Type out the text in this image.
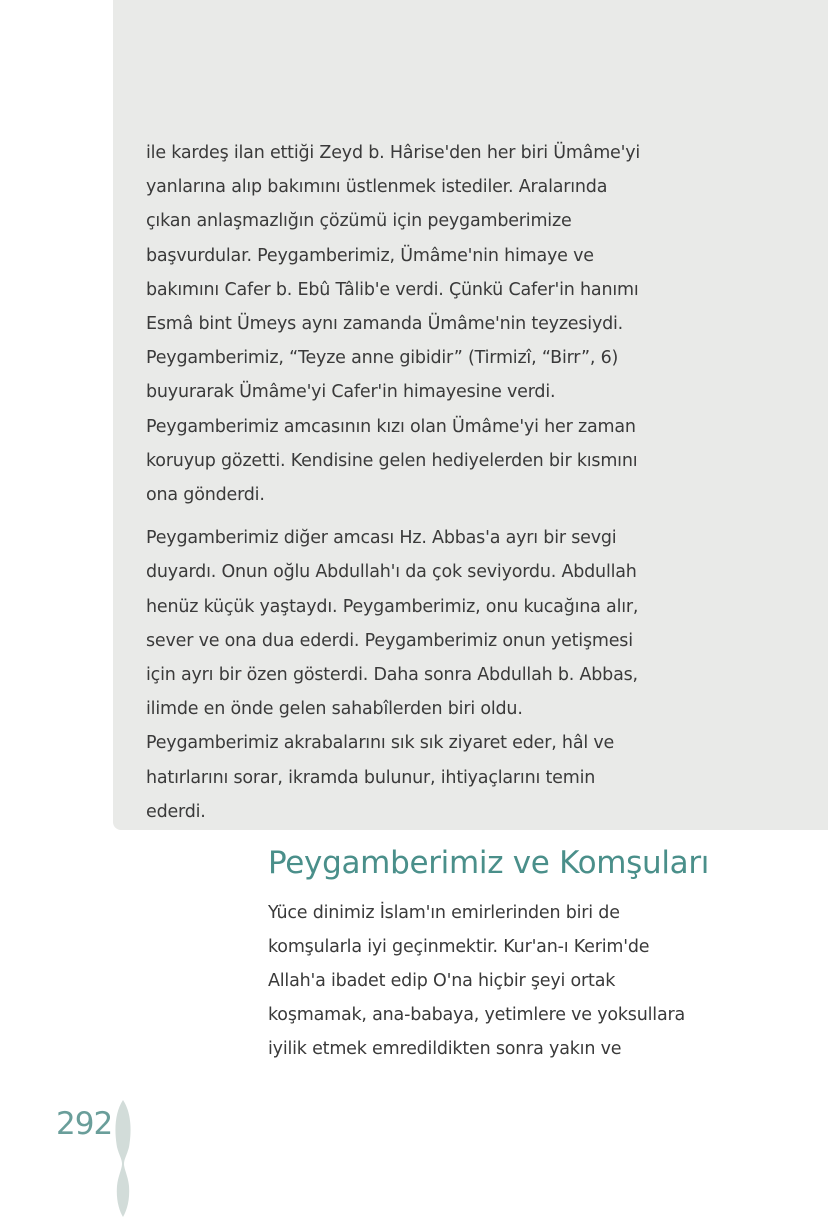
ile kardeş ilan ettiği Zeyd b. Hârise'den her biri Ümâme'yi yanlarına alıp bakımını üstlenmek istediler. Aralarında çıkan anlaşmazlığın çözümü için peygamberimize başvurdular. Peygamberimiz, Ümâme'nin himaye ve bakımını Cafer b. Ebû Tâlib'e verdi. Çünkü Cafer'in hanımı Esmâ bint Ümeys aynı zamanda Ümâme'nin teyzesiydi. Peygamberimiz, “Teyze anne gibidir” (Tirmizî, “Birr”, 6) buyurarak Ümâme'yi Cafer'in himayesine verdi. Peygamberimiz amcasının kızı olan Ümâme'yi her zaman koruyup gözetti. Kendisine gelen hediyelerden bir kısmını ona gönderdi.

Peygamberimiz diğer amcası Hz. Abbas'a ayrı bir sevgi duyardı. Onun oğlu Abdullah'ı da çok seviyordu. Abdullah henüz küçük yaştaydı. Peygamberimiz, onu kucağına alır, sever ve ona dua ederdi. Peygamberimiz onun yetişmesi için ayrı bir özen gösterdi. Daha sonra Abdullah b. Abbas, ilimde en önde gelen sahabîlerden biri oldu. Peygamberimiz akrabalarını sık sık ziyaret eder, hâl ve hatırlarını sorar, ikramda bulunur, ihtiyaçlarını temin ederdi.

Peygamberimiz ve Komşuları

Yüce dinimiz İslam'ın emirlerinden biri de komşularla iyi geçinmektir. Kur'an-ı Kerim'de Allah'a ibadet edip O'na hiçbir şeyi ortak koşmamak, ana-babaya, yetimlere ve yoksullara iyilik etmek emredildikten sonra yakın ve

292
